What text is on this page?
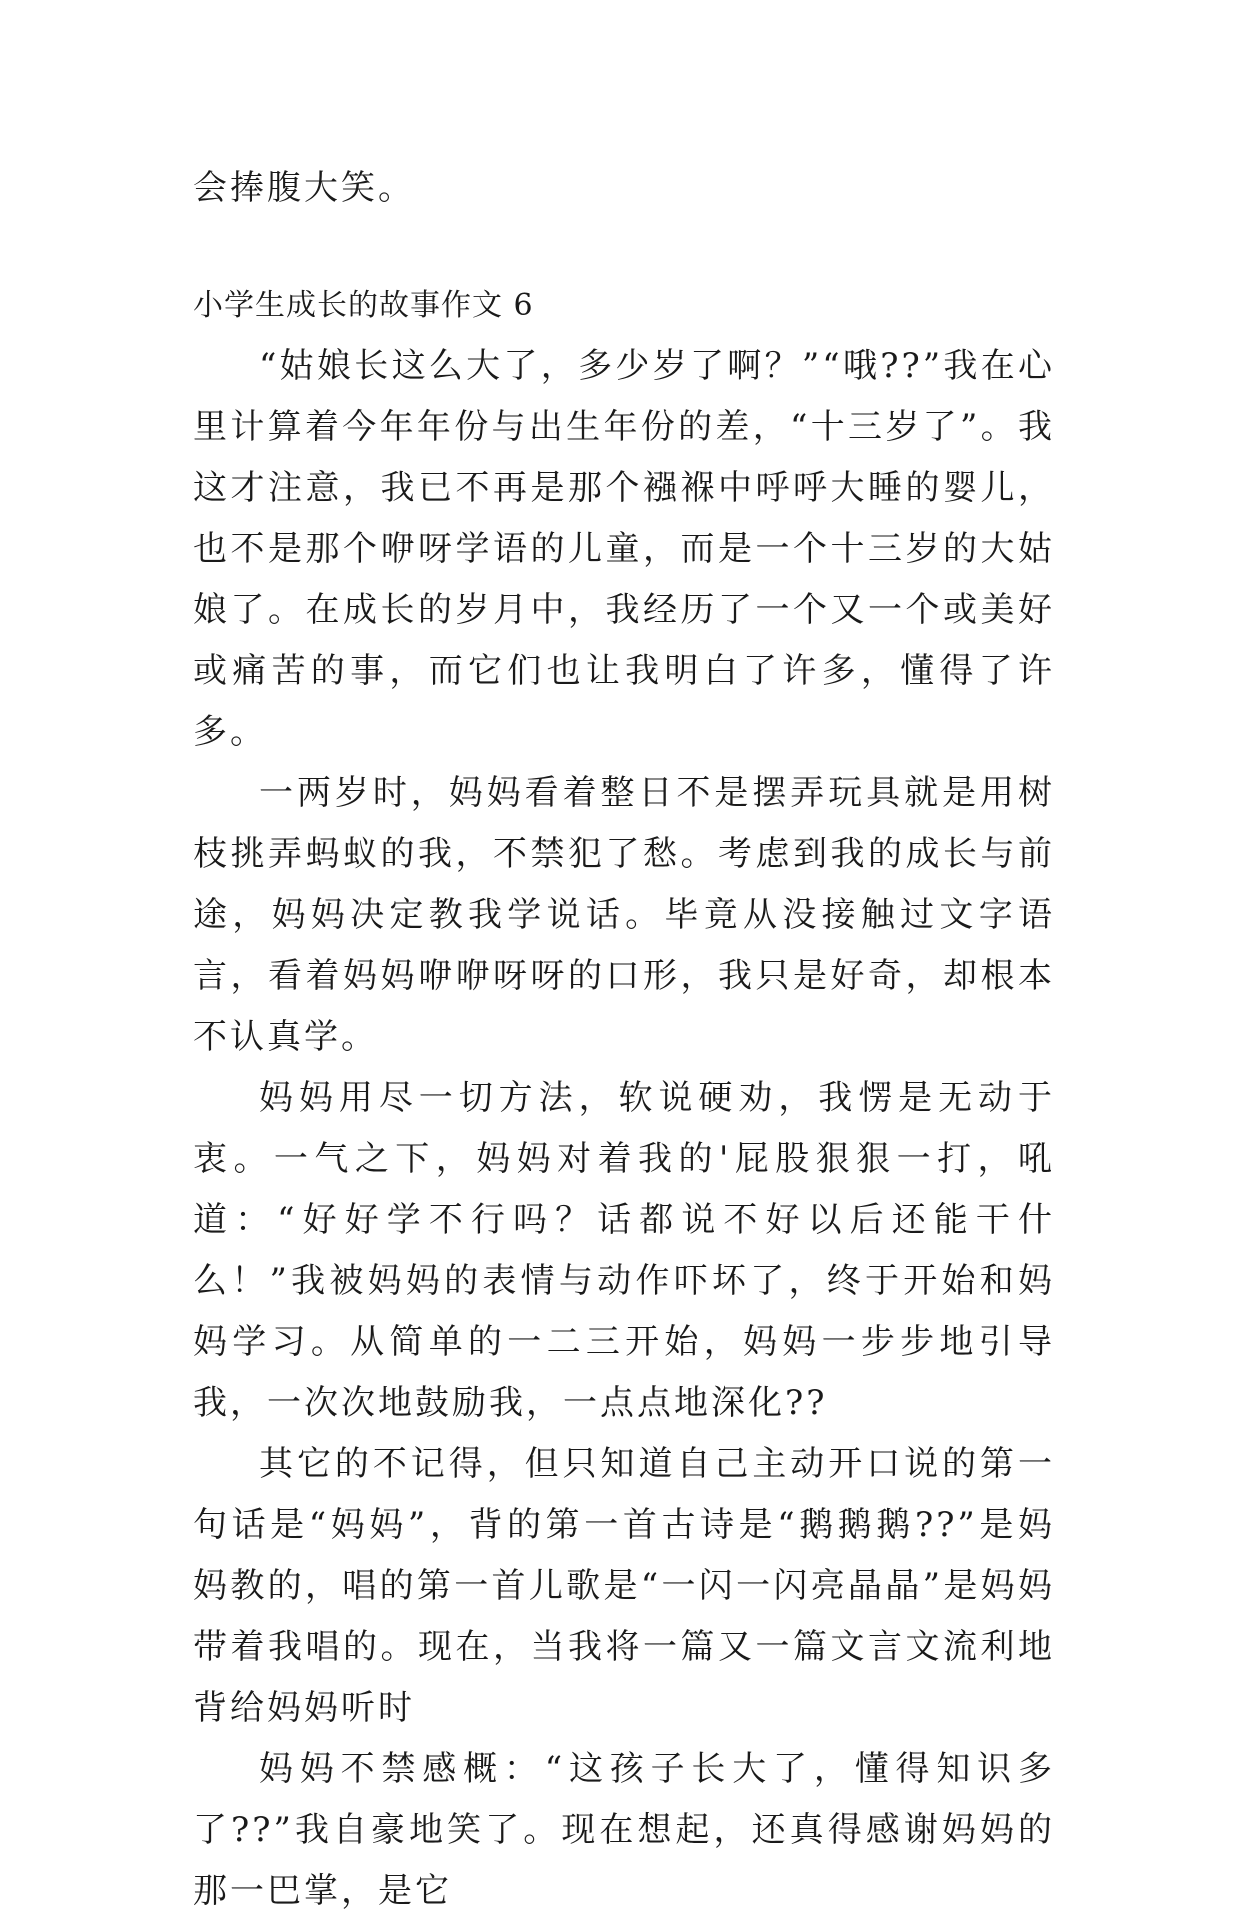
会捧腹大笑。

小学生成长的故事作文 6

“姑娘长这么大了，多少岁了啊？”“哦??”我在心里计算着今年年份与出生年份的差，“十三岁了”。我这才注意，我已不再是那个襁褓中呼呼大睡的婴儿，也不是那个咿呀学语的儿童，而是一个十三岁的大姑娘了。在成长的岁月中，我经历了一个又一个或美好或痛苦的事，而它们也让我明白了许多，懂得了许多。

一两岁时，妈妈看着整日不是摆弄玩具就是用树枝挑弄蚂蚁的我，不禁犯了愁。考虑到我的成长与前途，妈妈决定教我学说话。毕竟从没接触过文字语言，看着妈妈咿咿呀呀的口形，我只是好奇，却根本不认真学。

妈妈用尽一切方法，软说硬劝，我愣是无动于衷。一气之下，妈妈对着我的'屁股狠狠一打，吼道：“好好学不行吗？话都说不好以后还能干什么！”我被妈妈的表情与动作吓坏了，终于开始和妈妈学习。从简单的一二三开始，妈妈一步步地引导我，一次次地鼓励我，一点点地深化??

其它的不记得，但只知道自己主动开口说的第一句话是“妈妈”，背的第一首古诗是“鹅鹅鹅??”是妈妈教的，唱的第一首儿歌是“一闪一闪亮晶晶”是妈妈带着我唱的。现在，当我将一篇又一篇文言文流利地背给妈妈听时

妈妈不禁感概：“这孩子长大了，懂得知识多了??”我自豪地笑了。现在想起，还真得感谢妈妈的那一巴掌，是它
